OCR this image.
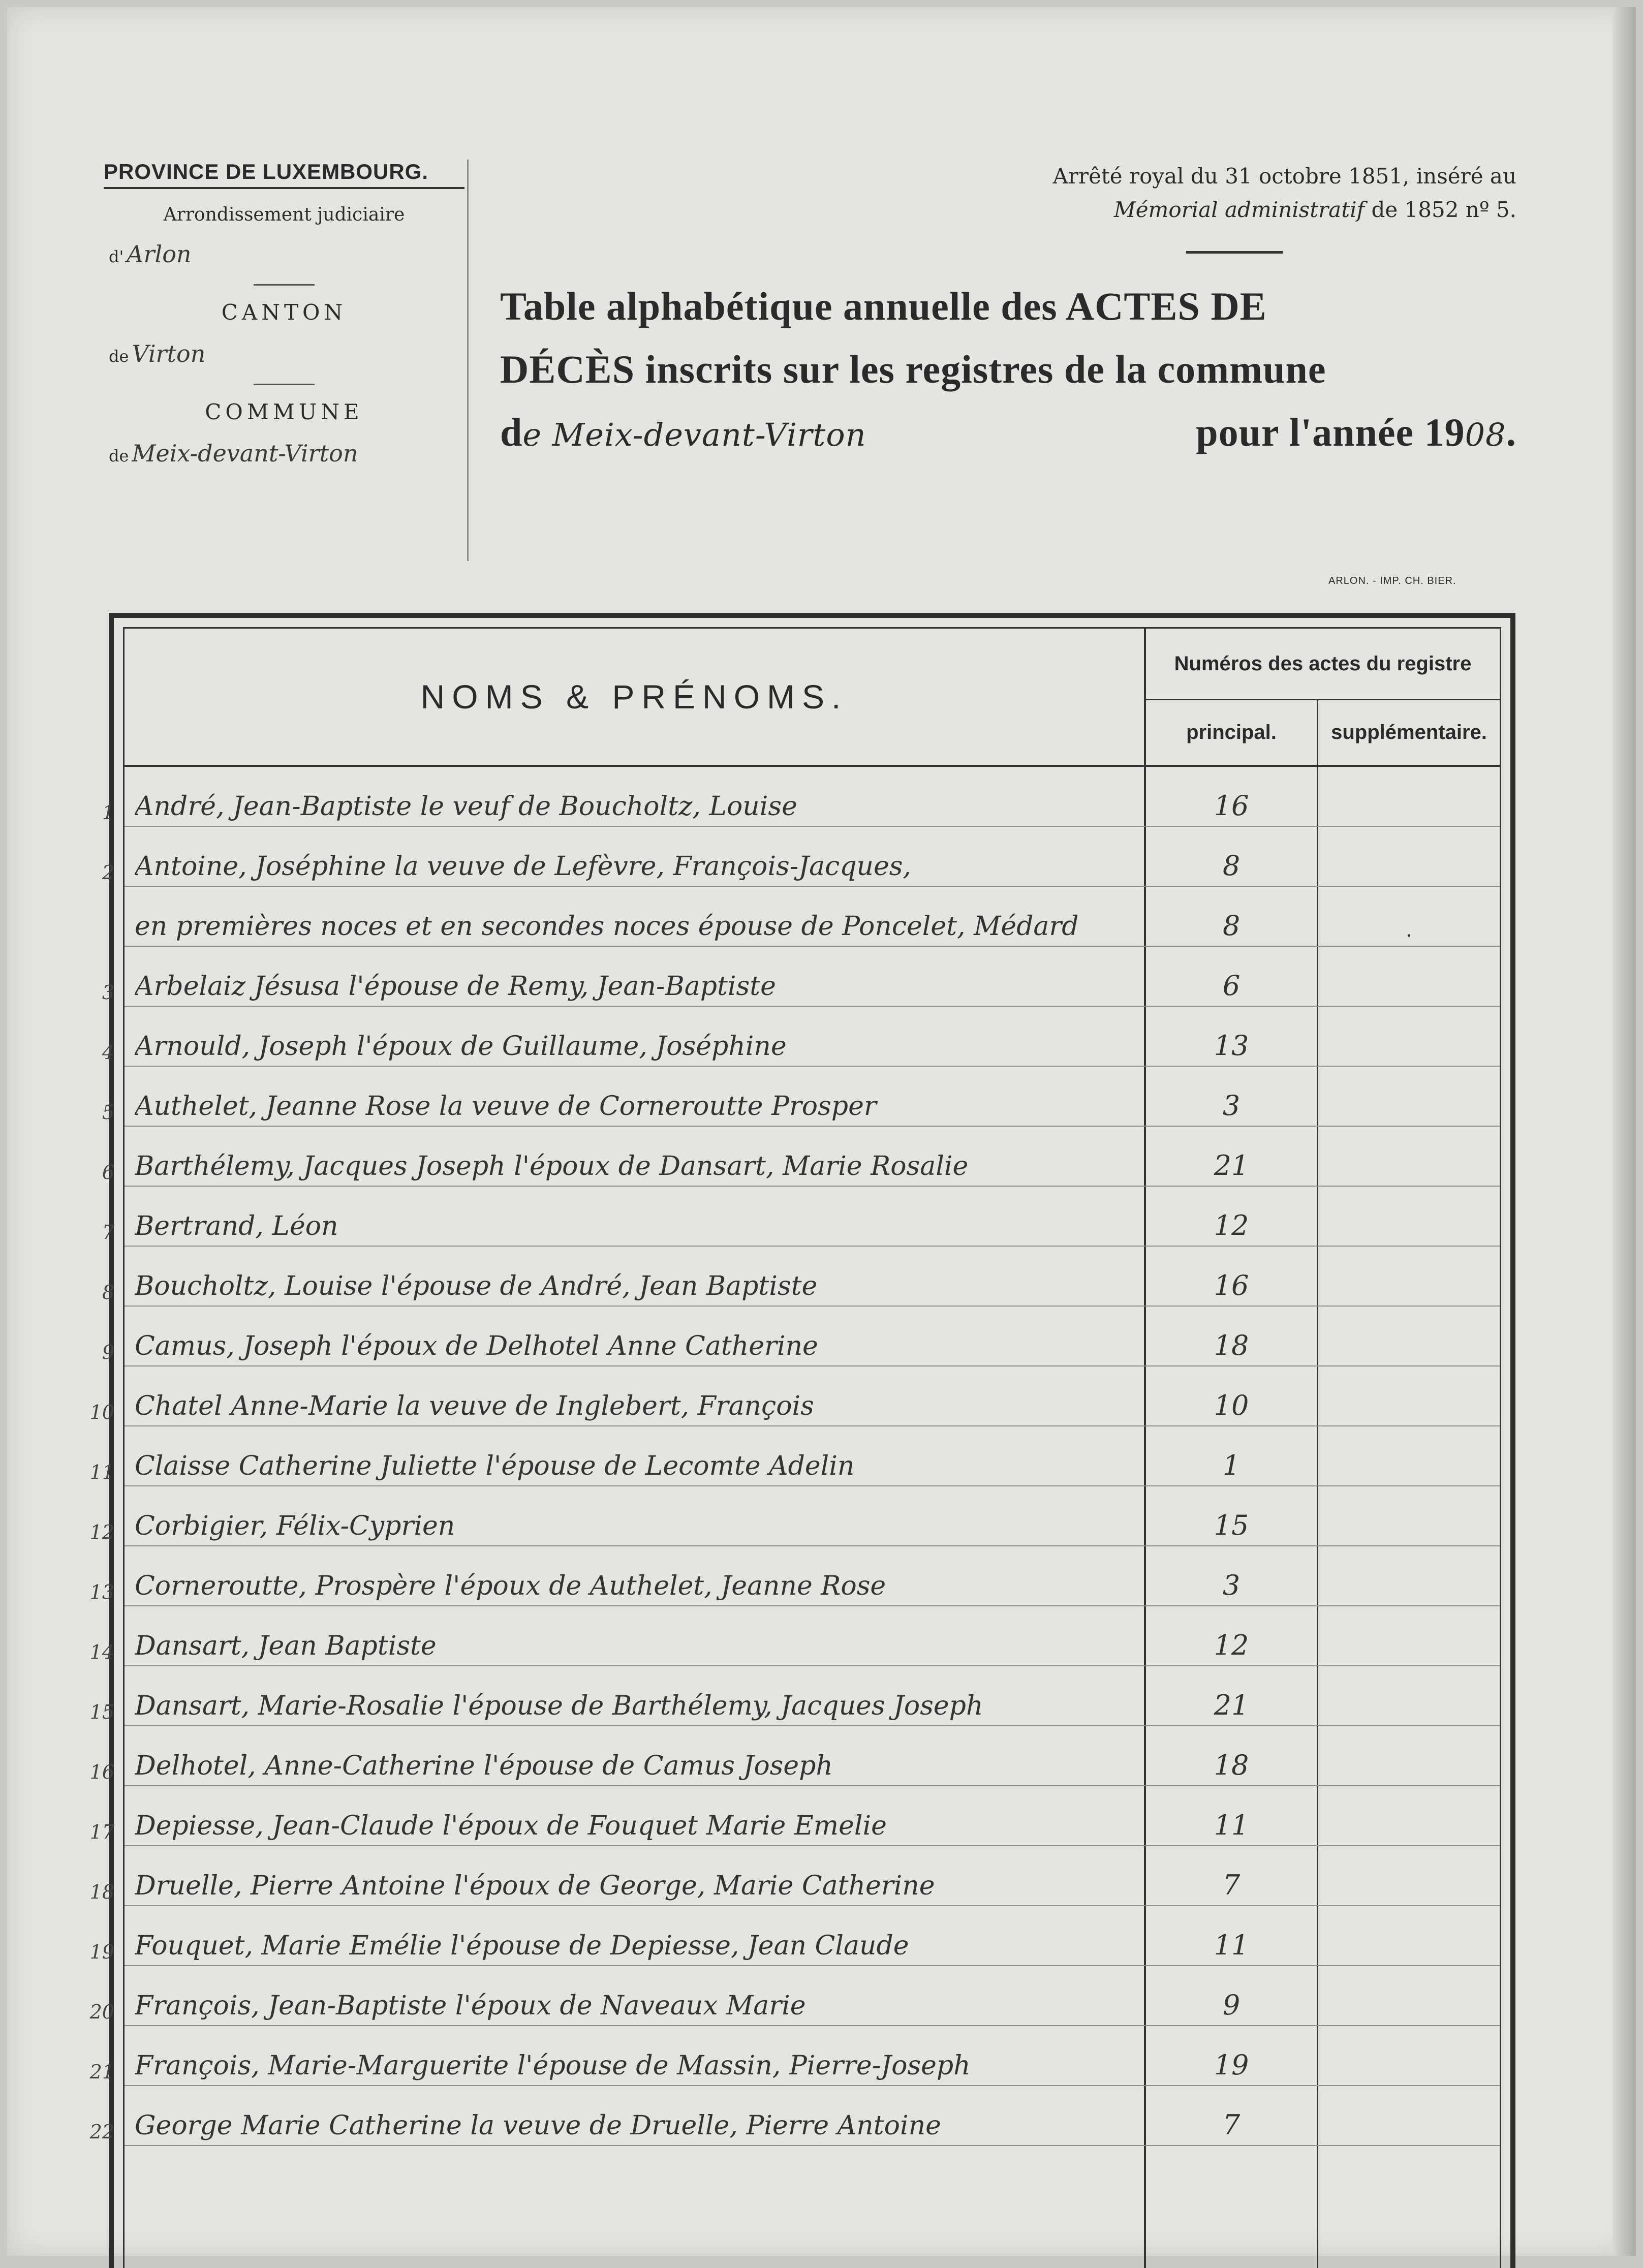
PROVINCE DE LUXEMBOURG.
Arrondissement judiciaire
d' Arlon
CANTON
de Virton
COMMUNE
de Meix-devant-Virton
Arrêté royal du 31 octobre 1851, inséré au
Mémorial administratif de 1852 nº 5.
Table alphabétique annuelle des ACTES DE
DÉCÈS inscrits sur les registres de la commune
de Meix-devant-Virton	pour l'année 1908.
ARLON. - IMP. CH. BIER.
NOMS & PRÉNOMS.
Numéros des actes du registre
principal.	supplémentaire.
1 André, Jean-Baptiste le veuf de Boucholtz, Louise	16
2 Antoine, Joséphine la veuve de Lefèvre, François-Jacques,	8
en premières noces et en secondes noces épouse de Poncelet, Médard	8	.
3 Arbelaiz Jésusa l'épouse de Remy, Jean-Baptiste	6
4 Arnould, Joseph l'époux de Guillaume, Joséphine	13
5 Authelet, Jeanne Rose la veuve de Corneroutte Prosper	3
6 Barthélemy, Jacques Joseph l'époux de Dansart, Marie Rosalie	21
7 Bertrand, Léon	12
8 Boucholtz, Louise l'épouse de André, Jean Baptiste	16
9 Camus, Joseph l'époux de Delhotel Anne Catherine	18
10 Chatel Anne-Marie la veuve de Inglebert, François	10
11 Claisse Catherine Juliette l'épouse de Lecomte Adelin	1
12 Corbigier, Félix-Cyprien	15
13 Corneroutte, Prospère l'époux de Authelet, Jeanne Rose	3
14 Dansart, Jean Baptiste	12
15 Dansart, Marie-Rosalie l'épouse de Barthélemy, Jacques Joseph	21
16 Delhotel, Anne-Catherine l'épouse de Camus Joseph	18
17 Depiesse, Jean-Claude l'époux de Fouquet Marie Emelie	11
18 Druelle, Pierre Antoine l'époux de George, Marie Catherine	7
19 Fouquet, Marie Emélie l'épouse de Depiesse, Jean Claude	11
20 François, Jean-Baptiste l'époux de Naveaux Marie	9
21 François, Marie-Marguerite l'épouse de Massin, Pierre-Joseph	19
22 George Marie Catherine la veuve de Druelle, Pierre Antoine	7
